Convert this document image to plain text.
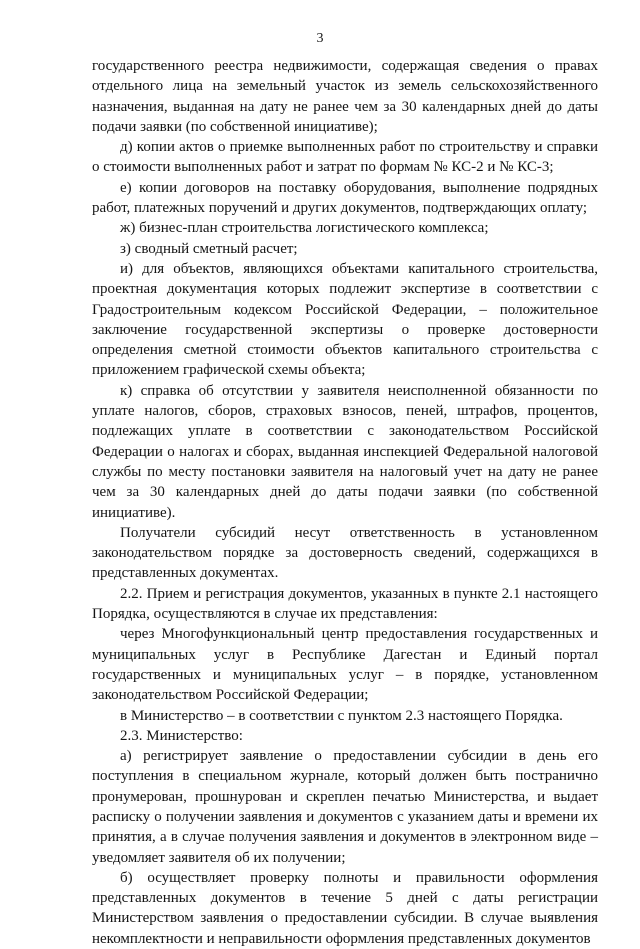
3

государственного реестра недвижимости, содержащая сведения о правах отдельного лица на земельный участок из земель сельскохозяйственного назначения, выданная на дату не ранее чем за 30 календарных дней до даты подачи заявки (по собственной инициативе);

д) копии актов о приемке выполненных работ по строительству и справки о стоимости выполненных работ и затрат по формам № КС-2 и № КС-3;

е) копии договоров на поставку оборудования, выполнение подрядных работ, платежных поручений и других документов, подтверждающих оплату;

ж) бизнес-план строительства логистического комплекса;

з) сводный сметный расчет;

и) для объектов, являющихся объектами капитального строительства, проектная документация которых подлежит экспертизе в соответствии с Градостроительным кодексом Российской Федерации, – положительное заключение государственной экспертизы о проверке достоверности определения сметной стоимости объектов капитального строительства с приложением графической схемы объекта;

к) справка об отсутствии у заявителя неисполненной обязанности по уплате налогов, сборов, страховых взносов, пеней, штрафов, процентов, подлежащих уплате в соответствии с законодательством Российской Федерации о налогах и сборах, выданная инспекцией Федеральной налоговой службы по месту постановки заявителя на налоговый учет на дату не ранее чем за 30 календарных дней до даты подачи заявки (по собственной инициативе).

Получатели субсидий несут ответственность в установленном законодательством порядке за достоверность сведений, содержащихся в представленных документах.

2.2. Прием и регистрация документов, указанных в пункте 2.1 настоящего Порядка, осуществляются в случае их представления:

через Многофункциональный центр предоставления государственных и муниципальных услуг в Республике Дагестан и Единый портал государственных и муниципальных услуг – в порядке, установленном законодательством Российской Федерации;

в Министерство – в соответствии с пунктом 2.3 настоящего Порядка.

2.3. Министерство:

а) регистрирует заявление о предоставлении субсидии в день его поступления в специальном журнале, который должен быть постранично пронумерован, прошнурован и скреплен печатью Министерства, и выдает расписку о получении заявления и документов с указанием даты и времени их принятия, а в случае получения заявления и документов в электронном виде – уведомляет заявителя об их получении;

б) осуществляет проверку полноты и правильности оформления представленных документов в течение 5 дней с даты регистрации Министерством заявления о предоставлении субсидии. В случае выявления некомплектности и неправильности оформления представленных документов
